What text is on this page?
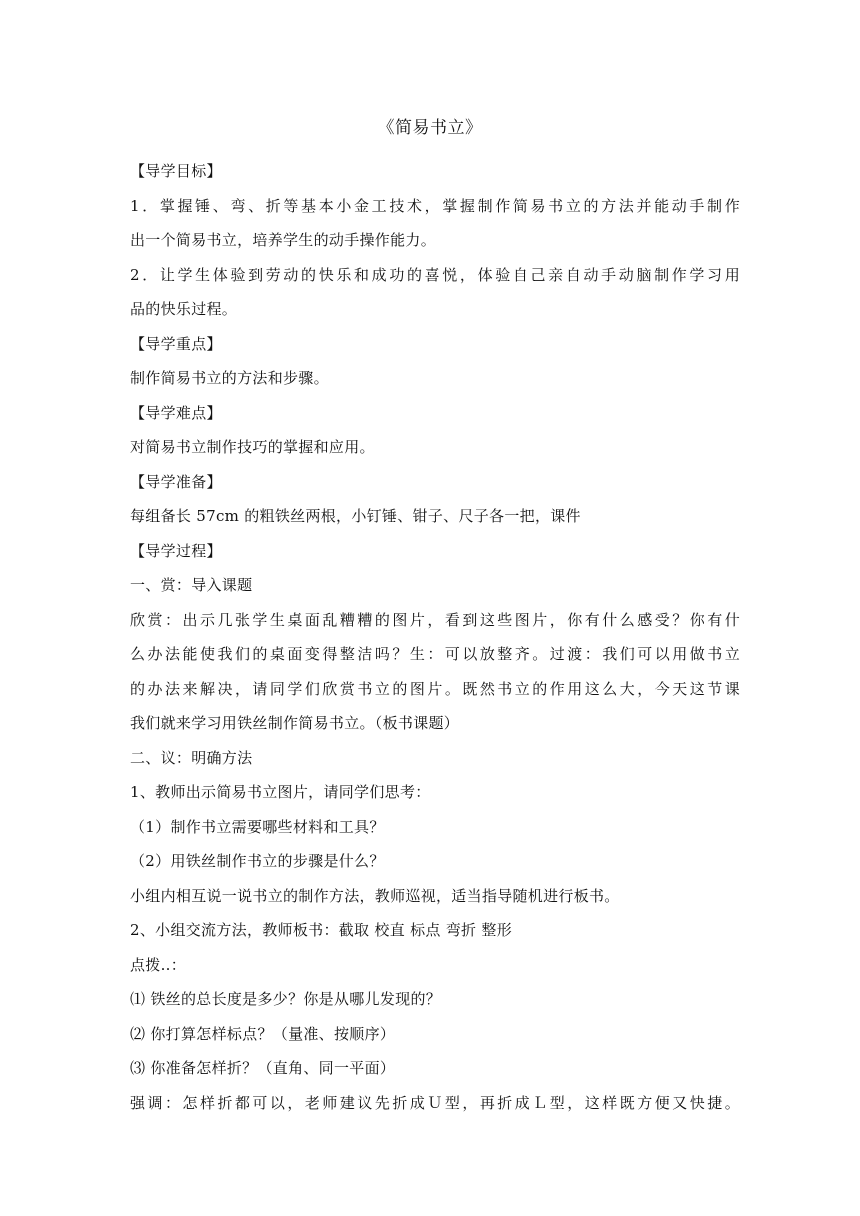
《简易书立》
【导学目标】
1．掌握锤、弯、折等基本小金工技术，掌握制作简易书立的方法并能动手制作
出一个简易书立，培养学生的动手操作能力。
2．让学生体验到劳动的快乐和成功的喜悦，体验自己亲自动手动脑制作学习用
品的快乐过程。
【导学重点】
制作简易书立的方法和步骤。
【导学难点】
对简易书立制作技巧的掌握和应用。
【导学准备】
每组备长 57cm 的粗铁丝两根，小钉锤、钳子、尺子各一把，课件
【导学过程】
一、赏：导入课题
欣赏：出示几张学生桌面乱糟糟的图片，看到这些图片，你有什么感受？你有什
么办法能使我们的桌面变得整洁吗？生：可以放整齐。过渡：我们可以用做书立
的办法来解决，请同学们欣赏书立的图片。既然书立的作用这么大，今天这节课
我们就来学习用铁丝制作简易书立。（板书课题）
二、议：明确方法
1、教师出示简易书立图片，请同学们思考：
（1）制作书立需要哪些材料和工具？
（2）用铁丝制作书立的步骤是什么？
小组内相互说一说书立的制作方法，教师巡视，适当指导随机进行板书。
2、小组交流方法，教师板书：截取 校直 标点 弯折 整形
点拨..：
⑴ 铁丝的总长度是多少？你是从哪儿发现的？
⑵ 你打算怎样标点？（量准、按顺序）
⑶ 你准备怎样折？（直角、同一平面）
强调：怎样折都可以，老师建议先折成Ｕ型，再折成Ｌ型，这样既方便又快捷。
